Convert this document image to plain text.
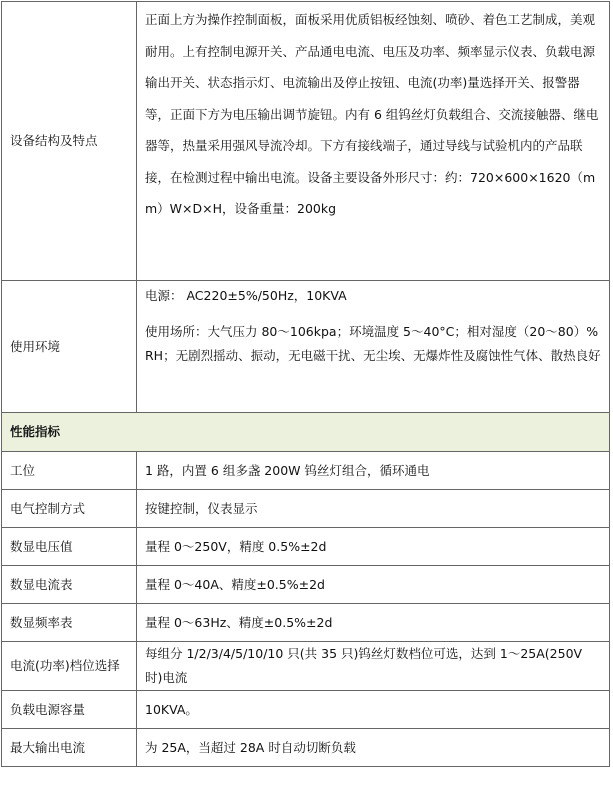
设备结构及特点	正面上方为操作控制面板，面板采用优质铝板经蚀刻、喷砂、着色工艺制成，美观耐用。上有控制电源开关、产品通电电流、电压及功率、频率显示仪表、负载电源输出开关、状态指示灯、电流输出及停止按钮、电流(功率)量选择开关、报警器等，正面下方为电压输出调节旋钮。内有 6 组钨丝灯负载组合、交流接触器、继电器等，热量采用强风导流冷却。下方有接线端子，通过导线与试验机内的产品联接，在检测过程中输出电流。设备主要设备外形尺寸：约：720×600×1620（mm）W×D×H，设备重量：200kg
使用环境	电源： AC220±5%/50Hz，10KVA
使用场所：大气压力 80～106kpa；环境温度 5～40°C；相对湿度（20～80）%RH；无剧烈摇动、振动，无电磁干扰、无尘埃、无爆炸性及腐蚀性气体、散热良好

性能指标	
工位	1 路，内置 6 组多盏 200W 钨丝灯组合，循环通电
电气控制方式	按键控制，仪表显示
数显电压值	量程 0～250V，精度 0.5%±2d
数显电流表	量程 0～40A、精度±0.5%±2d
数显频率表	量程 0～63Hz、精度±0.5%±2d
电流(功率)档位选择	每组分 1/2/3/4/5/10/10 只(共 35 只)钨丝灯数档位可选，达到 1～25A(250V 时)电流
负载电源容量	10KVA。
最大输出电流	为 25A，当超过 28A 时自动切断负载
